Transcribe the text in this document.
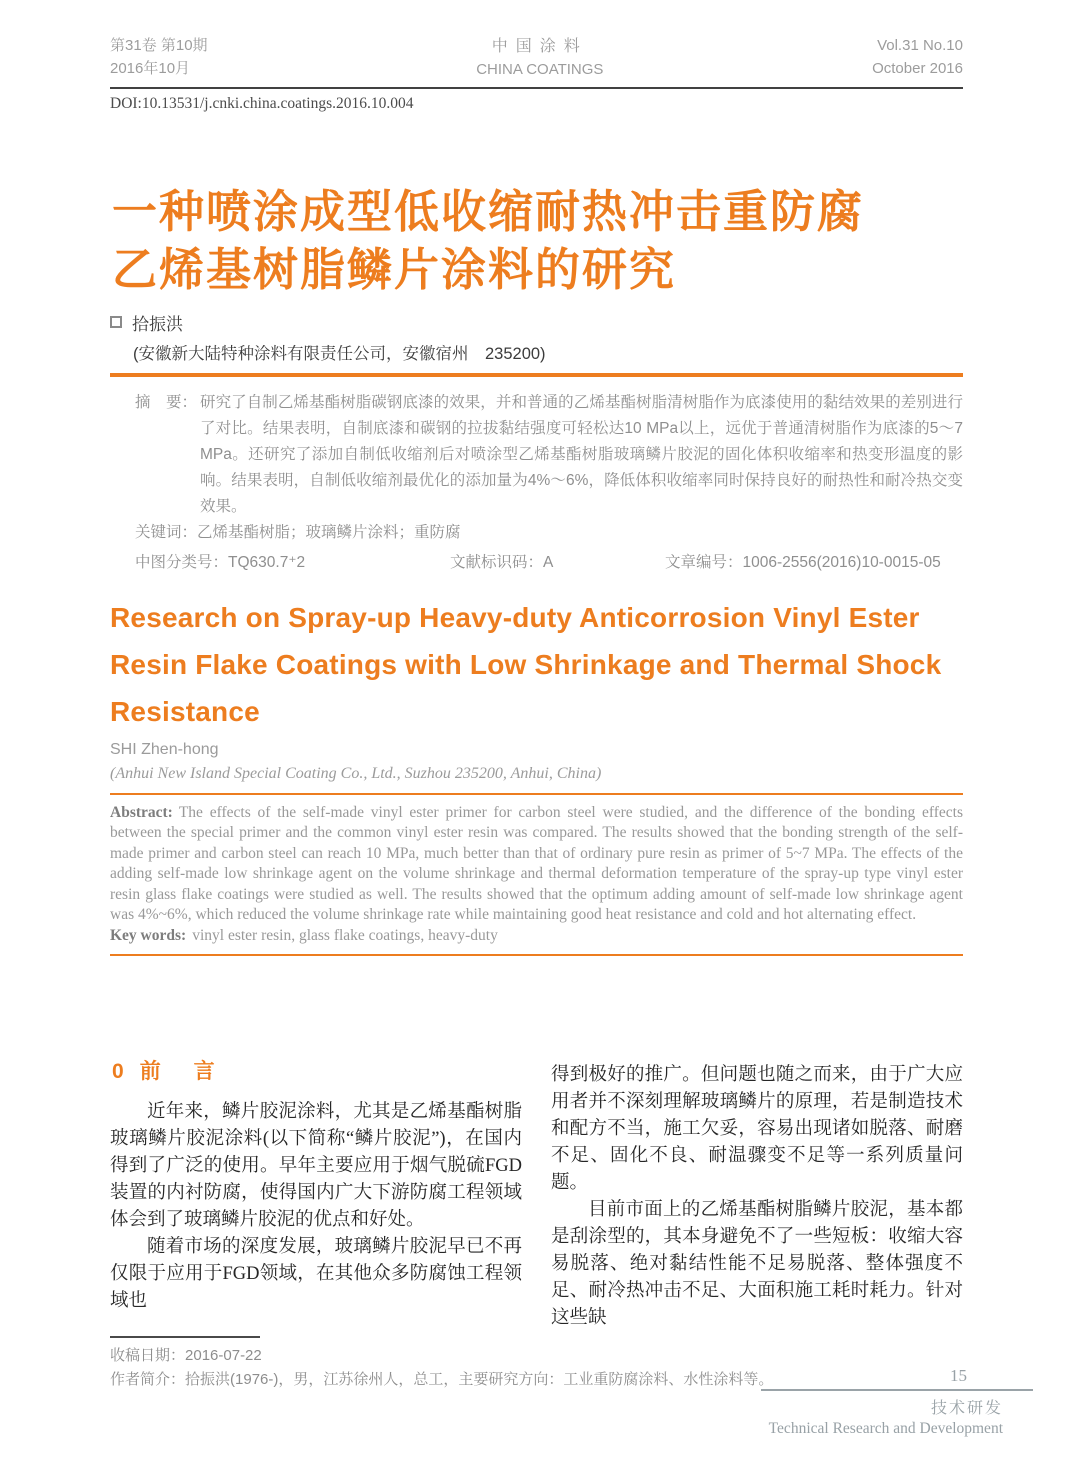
第31卷 第10期
2016年10月
中国涂料
CHINA COATINGS
Vol.31 No.10
October 2016
DOI:10.13531/j.cnki.china.coatings.2016.10.004
一种喷涂成型低收缩耐热冲击重防腐
乙烯基树脂鳞片涂料的研究
拾振洪
(安徽新大陆特种涂料有限责任公司，安徽宿州　235200)
摘　要： 研究了自制乙烯基酯树脂碳钢底漆的效果，并和普通的乙烯基酯树脂清树脂作为底漆使用的黏结效果的差别进行了对比。结果表明，自制底漆和碳钢的拉拔黏结强度可轻松达10 MPa以上，远优于普通清树脂作为底漆的5～7 MPa。还研究了添加自制低收缩剂后对喷涂型乙烯基酯树脂玻璃鳞片胶泥的固化体积收缩率和热变形温度的影响。结果表明，自制低收缩剂最优化的添加量为4%～6%，降低体积收缩率同时保持良好的耐热性和耐冷热交变效果。
关键词：乙烯基酯树脂；玻璃鳞片涂料；重防腐
中图分类号：TQ630.7⁺2	文献标识码：A	文章编号：1006-2556(2016)10-0015-05
Research on Spray-up Heavy-duty Anticorrosion Vinyl Ester Resin Flake Coatings with Low Shrinkage and Thermal Shock Resistance
SHI Zhen-hong
(Anhui New Island Special Coating Co., Ltd., Suzhou 235200, Anhui, China)

Abstract: The effects of the self-made vinyl ester primer for carbon steel were studied, and the difference of the bonding effects between the special primer and the common vinyl ester resin was compared. The results showed that the bonding strength of the self-made primer and carbon steel can reach 10 MPa, much better than that of ordinary pure resin as primer of 5~7 MPa. The effects of the adding self-made low shrinkage agent on the volume shrinkage and thermal deformation temperature of the spray-up type vinyl ester resin glass flake coatings were studied as well. The results showed that the optimum adding amount of self-made low shrinkage agent was 4%~6%, which reduced the volume shrinkage rate while maintaining good heat resistance and cold and hot alternating effect.

Key words: vinyl ester resin, glass flake coatings, heavy-duty

0 前　言

近年来，鳞片胶泥涂料，尤其是乙烯基酯树脂玻璃鳞片胶泥涂料(以下简称“鳞片胶泥”)，在国内得到了广泛的使用。早年主要应用于烟气脱硫FGD装置的内衬防腐，使得国内广大下游防腐工程领域体会到了玻璃鳞片胶泥的优点和好处。

随着市场的深度发展，玻璃鳞片胶泥早已不再仅限于应用于FGD领域，在其他众多防腐蚀工程领域也

得到极好的推广。但问题也随之而来，由于广大应用者并不深刻理解玻璃鳞片的原理，若是制造技术和配方不当，施工欠妥，容易出现诸如脱落、耐磨不足、固化不良、耐温骤变不足等一系列质量问题。

目前市面上的乙烯基酯树脂鳞片胶泥，基本都是刮涂型的，其本身避免不了一些短板：收缩大容易脱落、绝对黏结性能不足易脱落、整体强度不足、耐冷热冲击不足、大面积施工耗时耗力。针对这些缺

收稿日期：2016-07-22
作者简介：拾振洪(1976-)，男，江苏徐州人，总工，主要研究方向：工业重防腐涂料、水性涂料等。	15
技术研发
Technical Research and Development
